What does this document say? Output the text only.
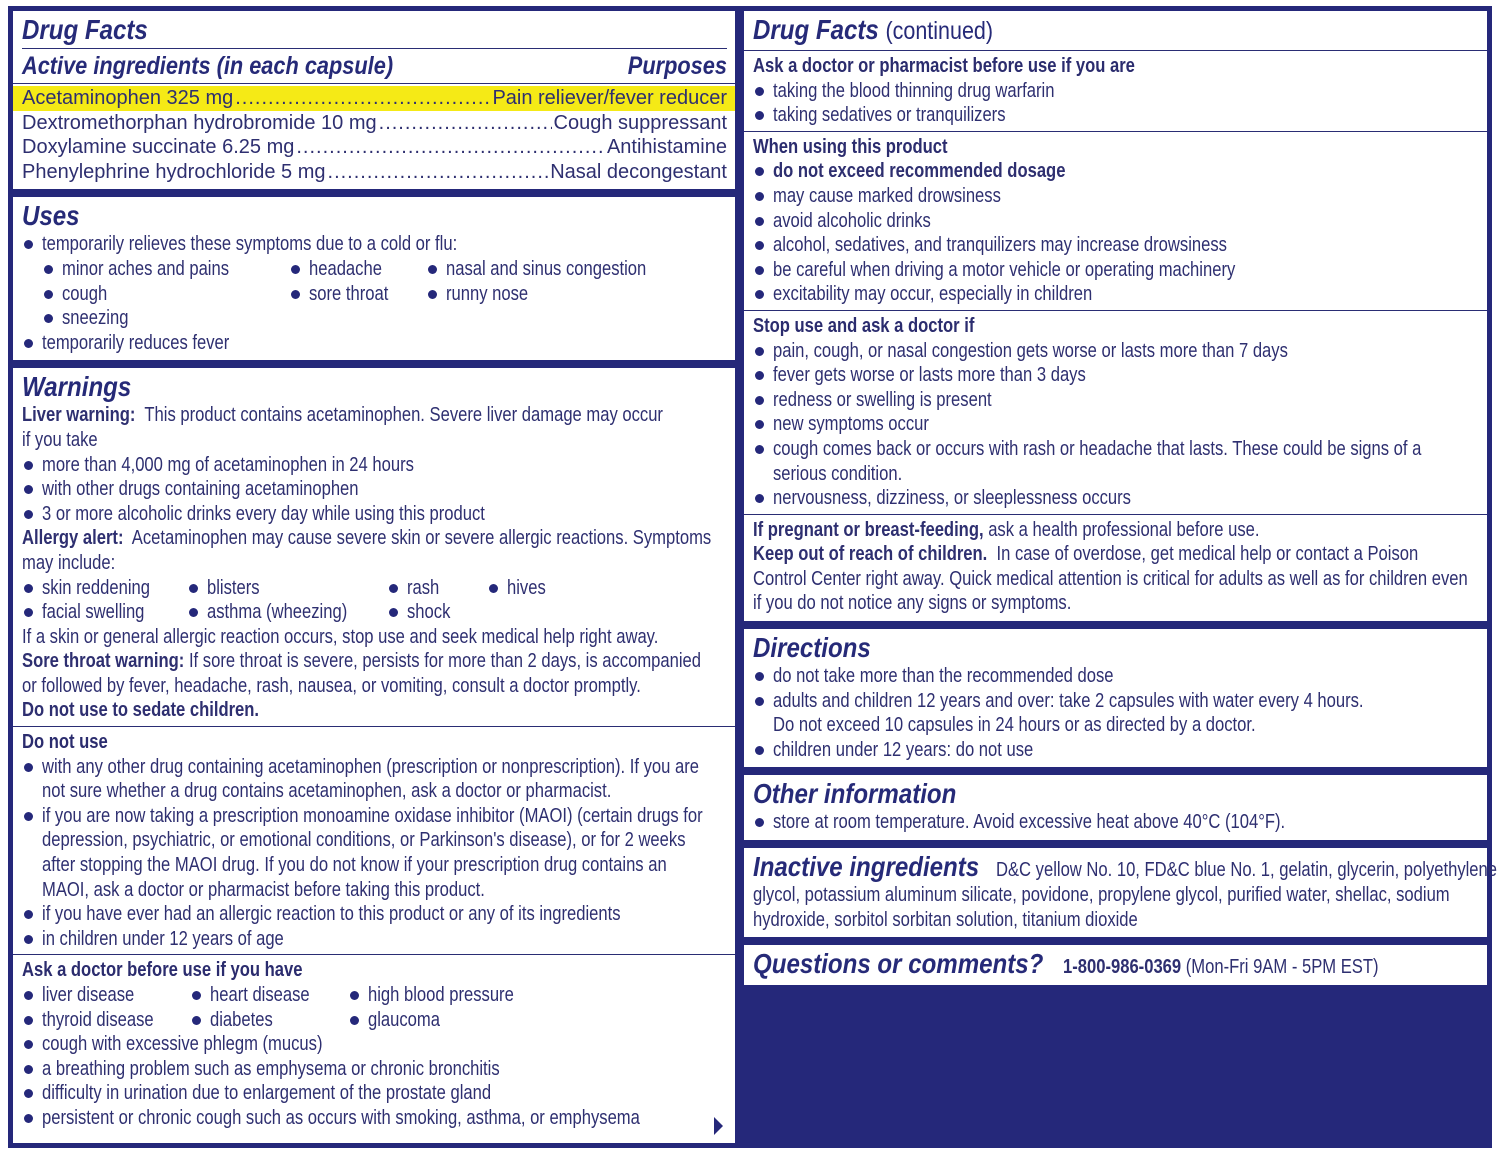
Drug Facts
Active ingredients (in each capsule)	Purposes
Acetaminophen 325 mg .....	Pain reliever/fever reducer
Dextromethorphan hydrobromide 10 mg .....	Cough suppressant
Doxylamine succinate 6.25 mg .....	Antihistamine
Phenylephrine hydrochloride 5 mg .....	Nasal decongestant
Uses
temporarily relieves these symptoms due to a cold or flu:
minor aches and pains	headache	nasal and sinus congestion
cough	sore throat	runny nose
sneezing
temporarily reduces fever
Warnings
Liver warning: This product contains acetaminophen. Severe liver damage may occur
if you take
more than 4,000 mg of acetaminophen in 24 hours
with other drugs containing acetaminophen
3 or more alcoholic drinks every day while using this product
Allergy alert: Acetaminophen may cause severe skin or severe allergic reactions. Symptoms
may include:
skin reddening	blisters	rash	hives
facial swelling	asthma (wheezing)	shock
If a skin or general allergic reaction occurs, stop use and seek medical help right away.
Sore throat warning: If sore throat is severe, persists for more than 2 days, is accompanied
or followed by fever, headache, rash, nausea, or vomiting, consult a doctor promptly.
Do not use to sedate children.
Do not use
with any other drug containing acetaminophen (prescription or nonprescription). If you are
not sure whether a drug contains acetaminophen, ask a doctor or pharmacist.
if you are now taking a prescription monoamine oxidase inhibitor (MAOI) (certain drugs for
depression, psychiatric, or emotional conditions, or Parkinson's disease), or for 2 weeks
after stopping the MAOI drug. If you do not know if your prescription drug contains an
MAOI, ask a doctor or pharmacist before taking this product.
if you have ever had an allergic reaction to this product or any of its ingredients
in children under 12 years of age
Ask a doctor before use if you have
liver disease	heart disease	high blood pressure
thyroid disease	diabetes	glaucoma
cough with excessive phlegm (mucus)
a breathing problem such as emphysema or chronic bronchitis
difficulty in urination due to enlargement of the prostate gland
persistent or chronic cough such as occurs with smoking, asthma, or emphysema
Drug Facts (continued)
Ask a doctor or pharmacist before use if you are
taking the blood thinning drug warfarin
taking sedatives or tranquilizers
When using this product
do not exceed recommended dosage
may cause marked drowsiness
avoid alcoholic drinks
alcohol, sedatives, and tranquilizers may increase drowsiness
be careful when driving a motor vehicle or operating machinery
excitability may occur, especially in children
Stop use and ask a doctor if
pain, cough, or nasal congestion gets worse or lasts more than 7 days
fever gets worse or lasts more than 3 days
redness or swelling is present
new symptoms occur
cough comes back or occurs with rash or headache that lasts. These could be signs of a
serious condition.
nervousness, dizziness, or sleeplessness occurs
If pregnant or breast-feeding, ask a health professional before use.
Keep out of reach of children. In case of overdose, get medical help or contact a Poison
Control Center right away. Quick medical attention is critical for adults as well as for children even
if you do not notice any signs or symptoms.
Directions
do not take more than the recommended dose
adults and children 12 years and over: take 2 capsules with water every 4 hours.
Do not exceed 10 capsules in 24 hours or as directed by a doctor.
children under 12 years: do not use
Other information
store at room temperature. Avoid excessive heat above 40°C (104°F).
Inactive ingredients D&C yellow No. 10, FD&C blue No. 1, gelatin, glycerin, polyethylene
glycol, potassium aluminum silicate, povidone, propylene glycol, purified water, shellac, sodium
hydroxide, sorbitol sorbitan solution, titanium dioxide
Questions or comments? 1-800-986-0369 (Mon-Fri 9AM - 5PM EST)
